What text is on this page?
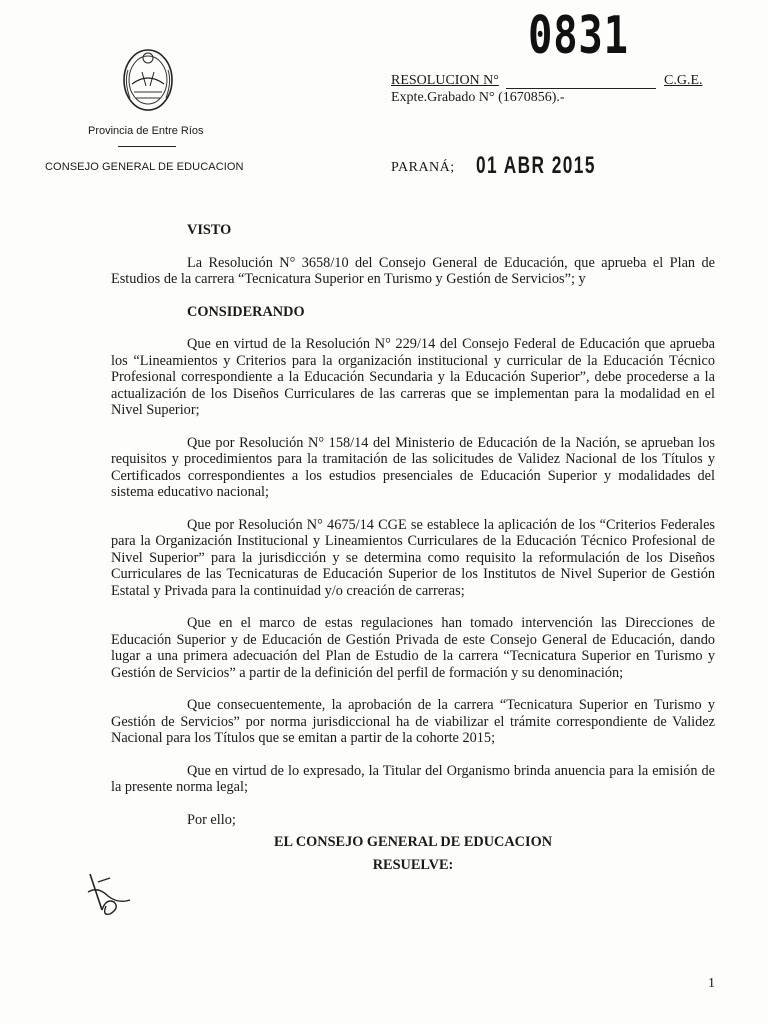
Provincia de Entre Ríos
CONSEJO GENERAL DE EDUCACION
0831
RESOLUCION N°	C.G.E.
Expte.Grabado N° (1670856).-
PARANÁ; 01 ABR 2015

VISTO

La Resolución N° 3658/10 del Consejo General de Educación, que aprueba el Plan de Estudios de la carrera “Tecnicatura Superior en Turismo y Gestión de Servicios”; y

CONSIDERANDO

Que en virtud de la Resolución N° 229/14 del Consejo Federal de Educación que aprueba los “Lineamientos y Criterios para la organización institucional y curricular de la Educación Técnico Profesional correspondiente a la Educación Secundaria y la Educación Superior”, debe procederse a la actualización de los Diseños Curriculares de las carreras que se implementan para la modalidad en el Nivel Superior;

Que por Resolución N° 158/14 del Ministerio de Educación de la Nación, se aprueban los requisitos y procedimientos para la tramitación de las solicitudes de Validez Nacional de los Títulos y Certificados correspondientes a los estudios presenciales de Educación Superior y modalidades del sistema educativo nacional;

Que por Resolución N° 4675/14 CGE se establece la aplicación de los “Criterios Federales para la Organización Institucional y Lineamientos Curriculares de la Educación Técnico Profesional de Nivel Superior” para la jurisdicción y se determina como requisito la reformulación de los Diseños Curriculares de las Tecnicaturas de Educación Superior de los Institutos de Nivel Superior de Gestión Estatal y Privada para la continuidad y/o creación de carreras;

Que en el marco de estas regulaciones han tomado intervención las Direcciones de Educación Superior y de Educación de Gestión Privada de este Consejo General de Educación, dando lugar a una primera adecuación del Plan de Estudio de la carrera “Tecnicatura Superior en Turismo y Gestión de Servicios” a partir de la definición del perfil de formación y su denominación;

Que consecuentemente, la aprobación de la carrera “Tecnicatura Superior en Turismo y Gestión de Servicios” por norma jurisdiccional ha de viabilizar el trámite correspondiente de Validez Nacional para los Títulos que se emitan a partir de la cohorte 2015;

Que en virtud de lo expresado, la Titular del Organismo brinda anuencia para la emisión de la presente norma legal;

Por ello;

EL CONSEJO GENERAL DE EDUCACION

RESUELVE:

1
